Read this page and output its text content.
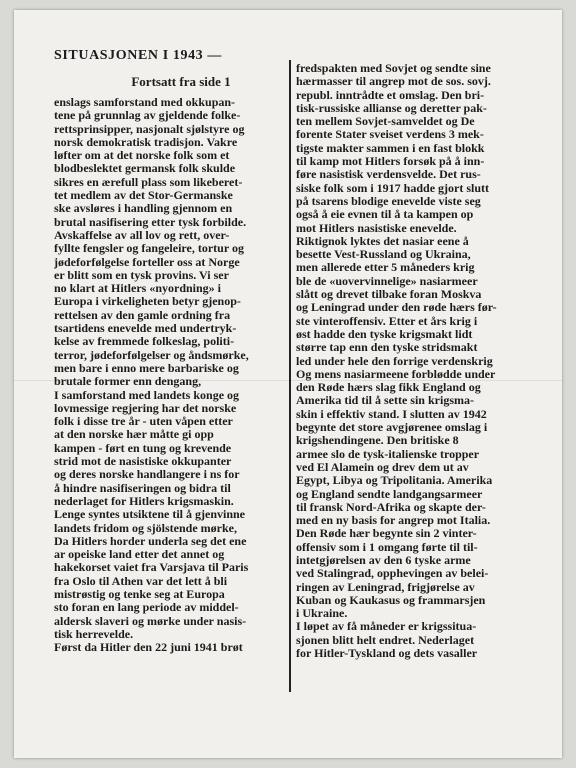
SITUASJONEN I 1943 —
Fortsatt fra side 1
enslags samforstand med okkupan-
tene på grunnlag av gjeldende folke-
rettsprinsipper, nasjonalt sjølstyre og
norsk demokratisk tradisjon. Vakre
løfter om at det norske folk som et
blodbeslektet germansk folk skulde
sikres en ærefull plass som likeberet-
tet medlem av det Stor-Germanske
ske avsløres i handling gjennom en
brutal nasifisering etter tysk forbilde.
Avskaffelse av all lov og rett, over-
fyllte fengsler og fangeleire, tortur og
jødeforfølgelse forteller oss at Norge
er blitt som en tysk provins. Vi ser
no klart at Hitlers «nyordning» i
Europa i virkeligheten betyr gjenop-
rettelsen av den gamle ordning fra
tsartidens enevelde med undertryk-
kelse av fremmede folkeslag, politi-
terror, jødeforfølgelser og åndsmørke,
men bare i enno mere barbariske og
brutale former enn dengang,
I samforstand med landets konge og
lovmessige regjering har det norske
folk i disse tre år - uten våpen etter
at den norske hær måtte gi opp
kampen - ført en tung og krevende
strid mot de nasistiske okkupanter
og deres norske handlangere i ns for
å hindre nasifiseringen og bidra til
nederlaget for Hitlers krigsmaskin.
Lenge syntes utsiktene til å gjenvinne
landets fridom og sjölstende mørke,
Da Hitlers horder underla seg det ene
ar opeiske land etter det annet og
hakekorset vaiet fra Varsjava til Paris
fra Oslo til Athen var det lett å bli
mistrøstig og tenke seg at Europa
sto foran en lang periode av middel-
aldersk slaveri og mørke under nasis-
tisk herrevelde.
Først da Hitler den 22 juni 1941 brøt
fredspakten med Sovjet og sendte sine
hærmasser til angrep mot de sos. sovj.
republ. inntrådte et omslag. Den bri-
tisk-russiske allianse og deretter pak-
ten mellem Sovjet-samveldet og De
forente Stater sveiset verdens 3 mek-
tigste makter sammen i en fast blokk
til kamp mot Hitlers forsøk på å inn-
føre nasistisk verdensvelde. Det rus-
siske folk som i 1917 hadde gjort slutt
på tsarens blodige enevelde viste seg
også å eie evnen til å ta kampen op
mot Hitlers nasistiske enevelde.
Riktignok lyktes det nasiar eene å
besette Vest-Russland og Ukraina,
men allerede etter 5 måneders krig
ble de «uovervinnelige» nasiarmeer
slått og drevet tilbake foran Moskva
og Leningrad under den røde hærs før-
ste vinteroffensiv. Etter et års krig i
øst hadde den tyske krigsmakt lidt
større tap enn den tyske stridsmakt
led under hele den forrige verdenskrig
Og mens nasiarmeene forblødde under
den Røde hærs slag fikk England og
Amerika tid til å sette sin krigsma-
skin i effektiv stand. I slutten av 1942
begynte det store avgjørenee omslag i
krigshendingene. Den britiske 8
armee slo de tysk-italienske tropper
ved El Alamein og drev dem ut av
Egypt, Libya og Tripolitania. Amerika
og England sendte landgangsarmeer
til fransk Nord-Afrika og skapte der-
med en ny basis for angrep mot Italia.
Den Røde hær begynte sin 2 vinter-
offensiv som i 1 omgang førte til til-
intetgjørelsen av den 6 tyske arme
ved Stalingrad, opphevingen av belei-
ringen av Leningrad, frigjørelse av
Kuban og Kaukasus og frammarsjen
i Ukraine.
I løpet av få måneder er krigssitua-
sjonen blitt helt endret. Nederlaget
for Hitler-Tyskland og dets vasaller
